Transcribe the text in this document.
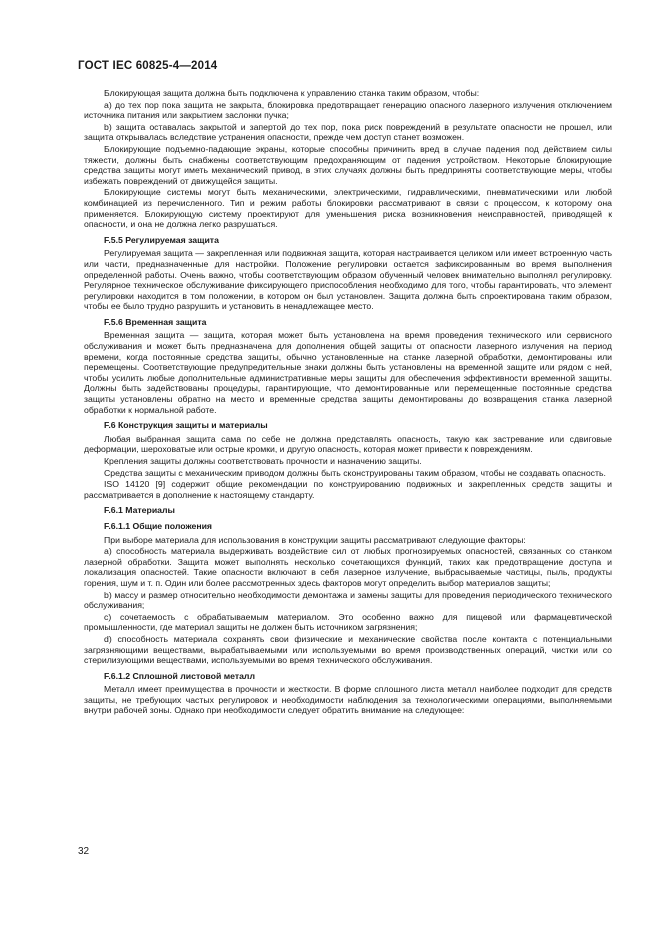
ГОСТ IEC 60825-4—2014

Блокирующая защита должна быть подключена к управлению станка таким образом, чтобы:

а) до тех пор пока защита не закрыта, блокировка предотвращает генерацию опасного лазерного излучения отключением источника питания или закрытием заслонки пучка;

b) защита оставалась закрытой и запертой до тех пор, пока риск повреждений в результате опасности не прошел, или защита открывалась вследствие устранения опасности, прежде чем доступ станет возможен.

Блокирующие подъемно-падающие экраны, которые способны причинить вред в случае падения под действием силы тяжести, должны быть снабжены соответствующим предохраняющим от падения устройством. Некоторые блокирующие средства защиты могут иметь механический привод, в этих случаях должны быть предприняты соответствующие меры, чтобы избежать повреждений от движущейся защиты.

Блокирующие системы могут быть механическими, электрическими, гидравлическими, пневматическими или любой комбинацией из перечисленного. Тип и режим работы блокировки рассматривают в связи с процессом, к которому она применяется. Блокирующую систему проектируют для уменьшения риска возникновения неисправностей, приводящей к опасности, и она не должна легко разрушаться.

F.5.5 Регулируемая защита

Регулируемая защита — закрепленная или подвижная защита, которая настраивается целиком или имеет встроенную часть или части, предназначенные для настройки. Положение регулировки остается зафиксированным во время выполнения определенной работы. Очень важно, чтобы соответствующим образом обученный человек внимательно выполнял регулировку. Регулярное техническое обслуживание фиксирующего приспособления необходимо для того, чтобы гарантировать, что элемент регулировки находится в том положении, в котором он был установлен. Защита должна быть спроектирована таким образом, чтобы ее было трудно разрушить и установить в ненадлежащее место.

F.5.6 Временная защита

Временная защита — защита, которая может быть установлена на время проведения технического или сервисного обслуживания и может быть предназначена для дополнения общей защиты от опасности лазерного излучения на период времени, когда постоянные средства защиты, обычно установленные на станке лазерной обработки, демонтированы или перемещены. Соответствующие предупредительные знаки должны быть установлены на временной защите или рядом с ней, чтобы усилить любые дополнительные административные меры защиты для обеспечения эффективности временной защиты. Должны быть задействованы процедуры, гарантирующие, что демонтированные или перемещенные постоянные средства защиты установлены обратно на место и временные средства защиты демонтированы до возвращения станка лазерной обработки к нормальной работе.

F.6 Конструкция защиты и материалы

Любая выбранная защита сама по себе не должна представлять опасность, такую как застревание или сдвиговые деформации, шероховатые или острые кромки, и другую опасность, которая может привести к повреждениям.

Крепления защиты должны соответствовать прочности и назначению защиты.

Средства защиты с механическим приводом должны быть сконструированы таким образом, чтобы не создавать опасность.

ISO 14120 [9] содержит общие рекомендации по конструированию подвижных и закрепленных средств защиты и рассматривается в дополнение к настоящему стандарту.

F.6.1 Материалы
F.6.1.1 Общие положения

При выборе материала для использования в конструкции защиты рассматривают следующие факторы:

а) способность материала выдерживать воздействие сил от любых прогнозируемых опасностей, связанных со станком лазерной обработки. Защита может выполнять несколько сочетающихся функций, таких как предотвращение доступа и локализация опасностей. Такие опасности включают в себя лазерное излучение, выбрасываемые частицы, пыль, продукты горения, шум и т. п. Один или более рассмотренных здесь факторов могут определить выбор материалов защиты;

b) массу и размер относительно необходимости демонтажа и замены защиты для проведения периодического технического обслуживания;

с) сочетаемость с обрабатываемым материалом. Это особенно важно для пищевой или фармацевтической промышленности, где материал защиты не должен быть источником загрязнения;

d) способность материала сохранять свои физические и механические свойства после контакта с потенциальными загрязняющими веществами, вырабатываемыми или используемыми во время производственных операций, чистки или со стерилизующими веществами, используемыми во время технического обслуживания.

F.6.1.2 Сплошной листовой металл

Металл имеет преимущества в прочности и жесткости. В форме сплошного листа металл наиболее подходит для средств защиты, не требующих частых регулировок и необходимости наблюдения за технологическими операциями, выполняемыми внутри рабочей зоны. Однако при необходимости следует обратить внимание на следующее:

32
